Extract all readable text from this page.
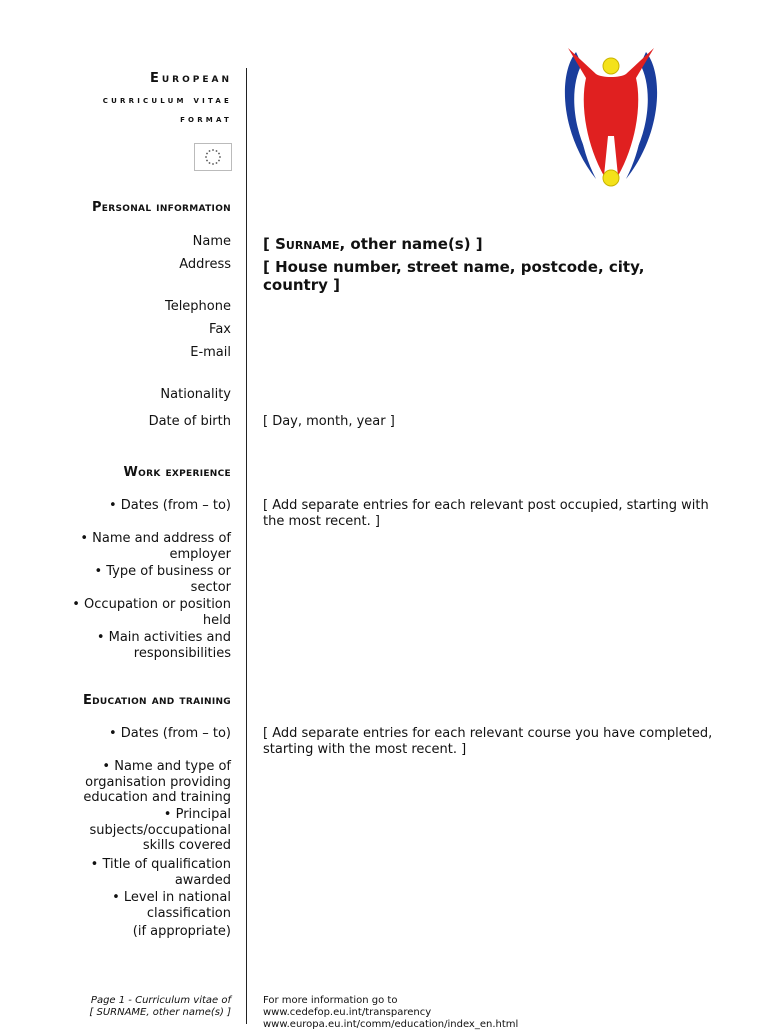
European
curriculum vitae
format
Personal information
Name [ Surname, other name(s) ]
Address [ House number, street name, postcode, city, country ]
Telephone
Fax
E-mail
Nationality
Date of birth [ Day, month, year ]
Work experience
• Dates (from – to) [ Add separate entries for each relevant post occupied, starting with the most recent. ]
• Name and address of employer
• Type of business or sector
• Occupation or position held
• Main activities and responsibilities
Education and training
• Dates (from – to) [ Add separate entries for each relevant course you have completed, starting with the most recent. ]
• Name and type of organisation providing education and training
• Principal subjects/occupational skills covered
• Title of qualification awarded
• Level in national classification
(if appropriate)
Page 1 - Curriculum vitae of
[ SURNAME, other name(s) ]
For more information go to
www.cedefop.eu.int/transparency
www.europa.eu.int/comm/education/index_en.html
